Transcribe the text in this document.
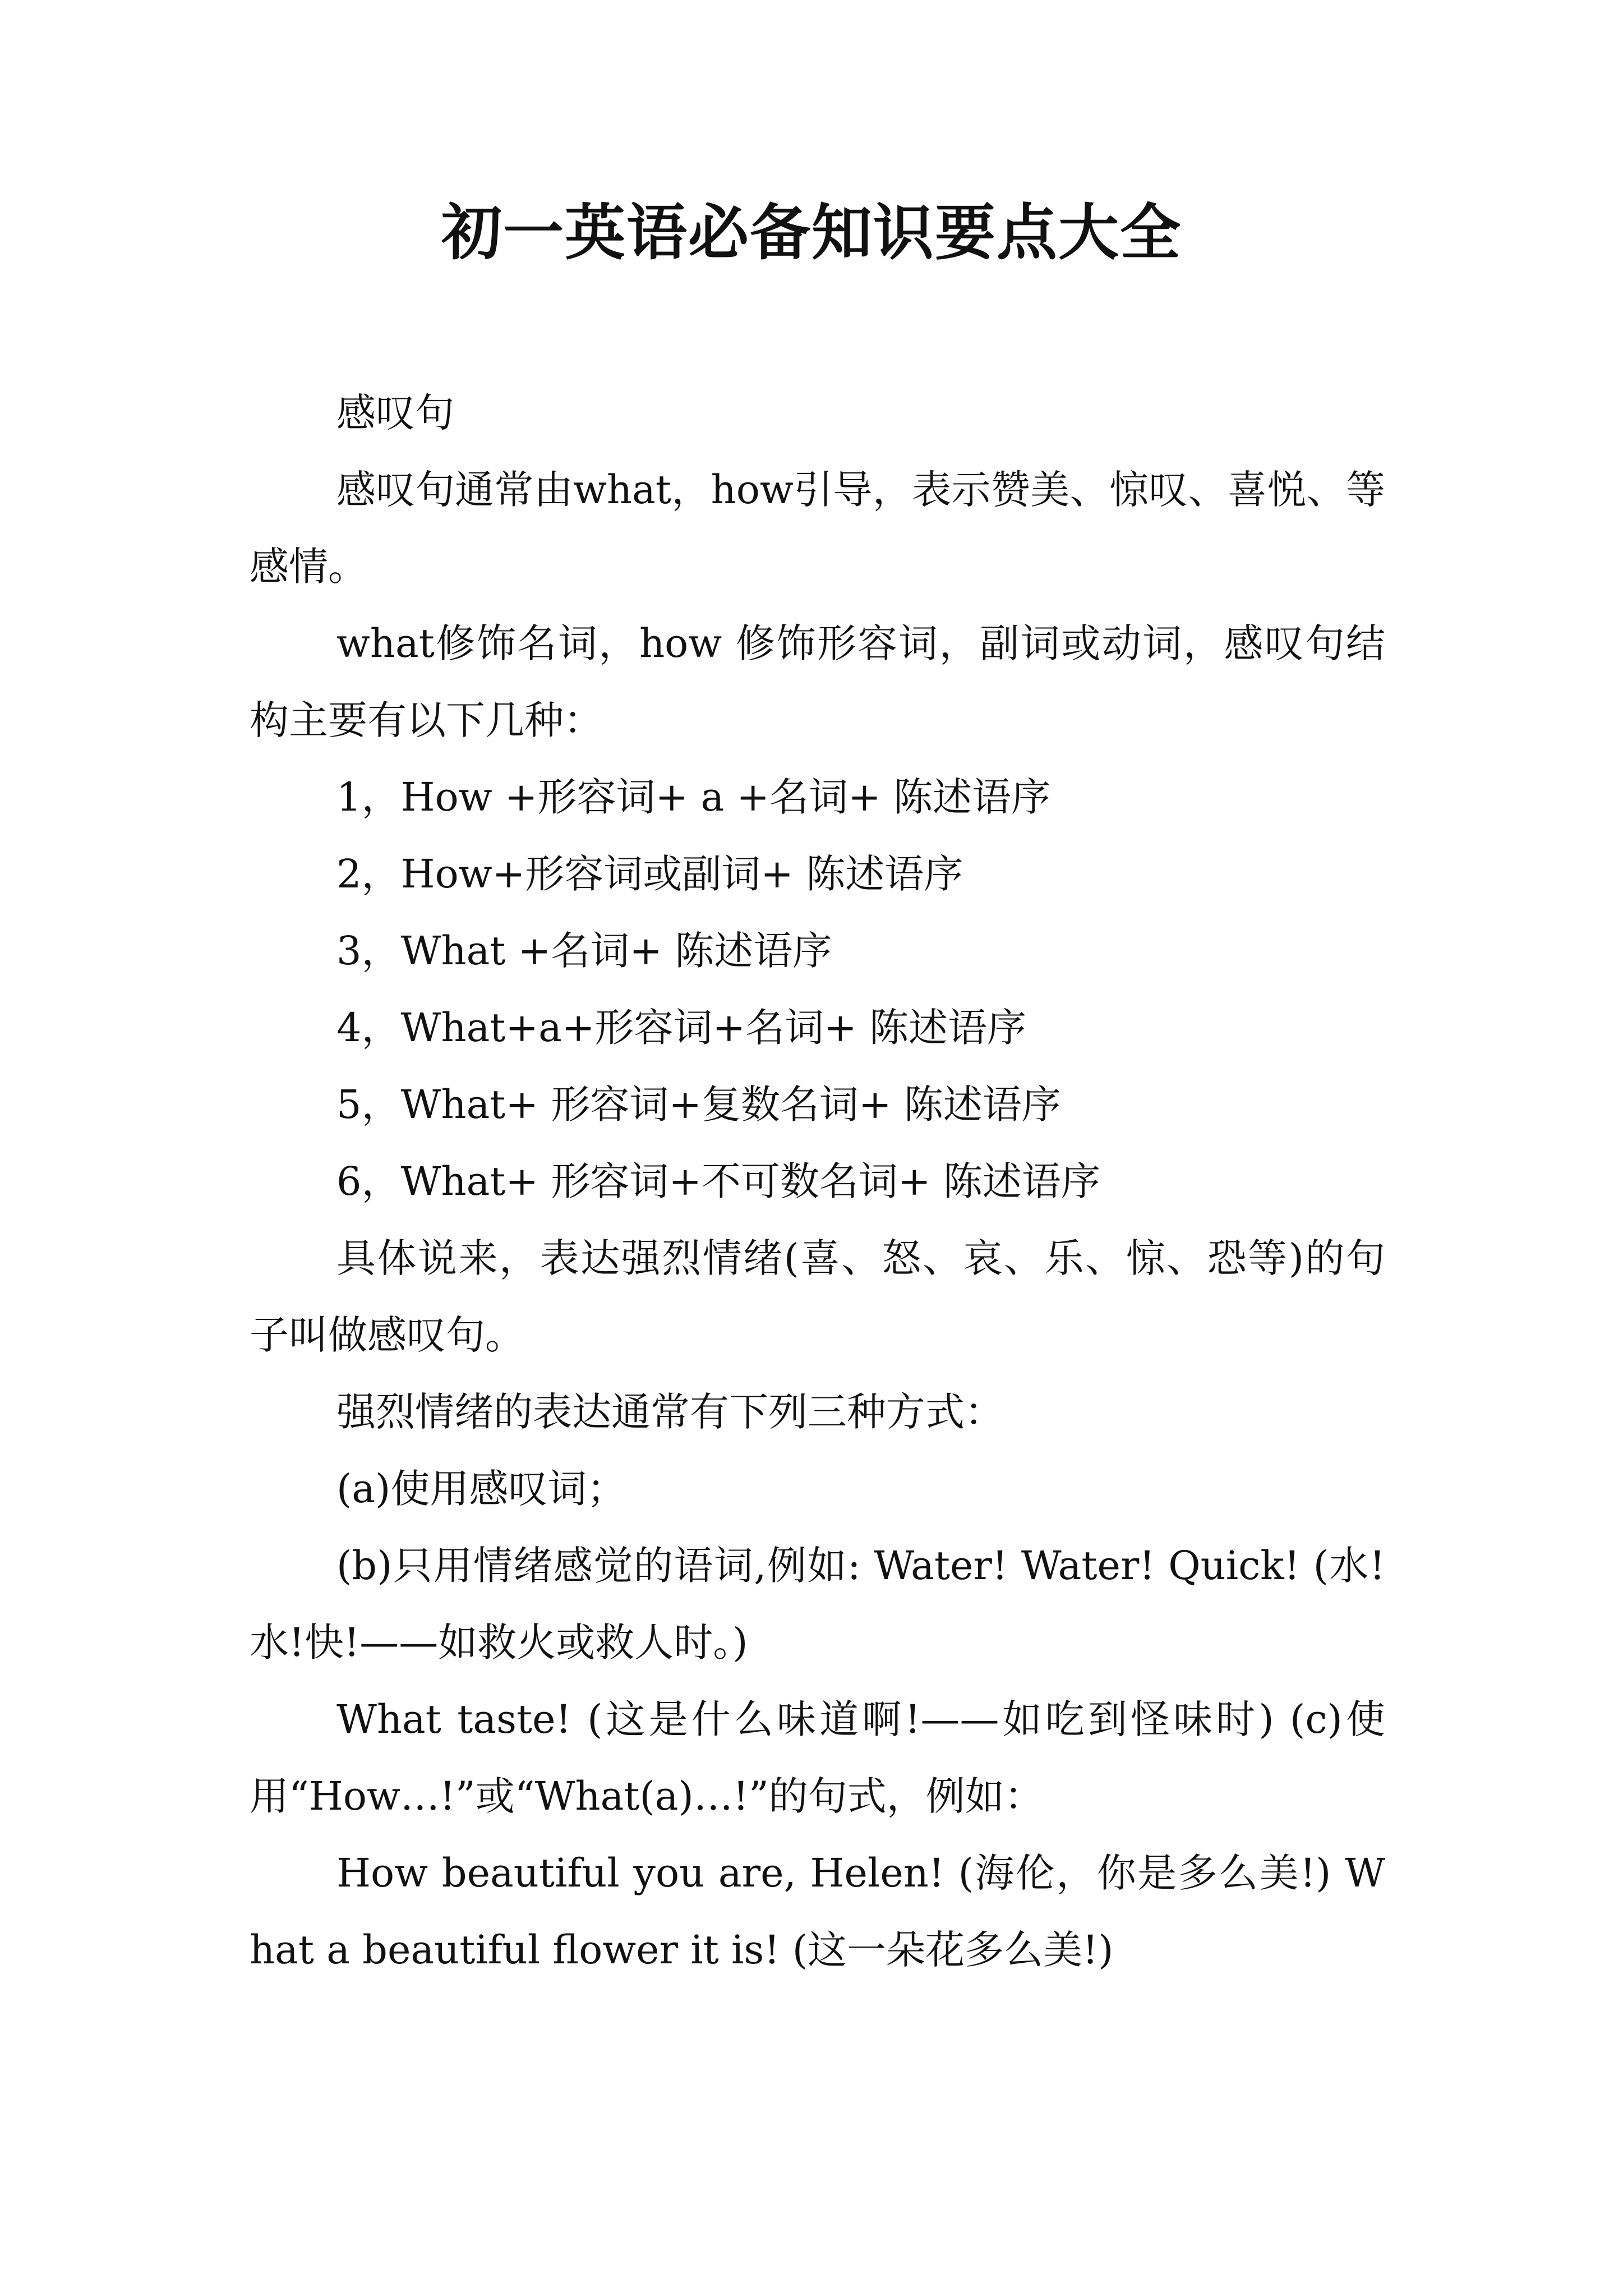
初一英语必备知识要点大全

感叹句

感叹句通常由what，how引导，表示赞美、惊叹、喜悦、等感情。

what修饰名词，how 修饰形容词，副词或动词，感叹句结构主要有以下几种：

1，How +形容词+ a +名词+ 陈述语序

2，How+形容词或副词+ 陈述语序

3，What +名词+ 陈述语序

4，What+a+形容词+名词+ 陈述语序

5，What+ 形容词+复数名词+ 陈述语序

6，What+ 形容词+不可数名词+ 陈述语序

具体说来，表达强烈情绪(喜、怒、哀、乐、惊、恐等)的句子叫做感叹句。

强烈情绪的表达通常有下列三种方式：

(a)使用感叹词；

(b)只用情绪感觉的语词,例如: Water! Water! Quick! (水!水!快!——如救火或救人时。)

What taste! (这是什么味道啊!——如吃到怪味时) (c)使用“How…!”或“What(a)…!”的句式，例如：

How beautiful you are, Helen! (海伦，你是多么美!) What a beautiful flower it is! (这一朵花多么美!)
